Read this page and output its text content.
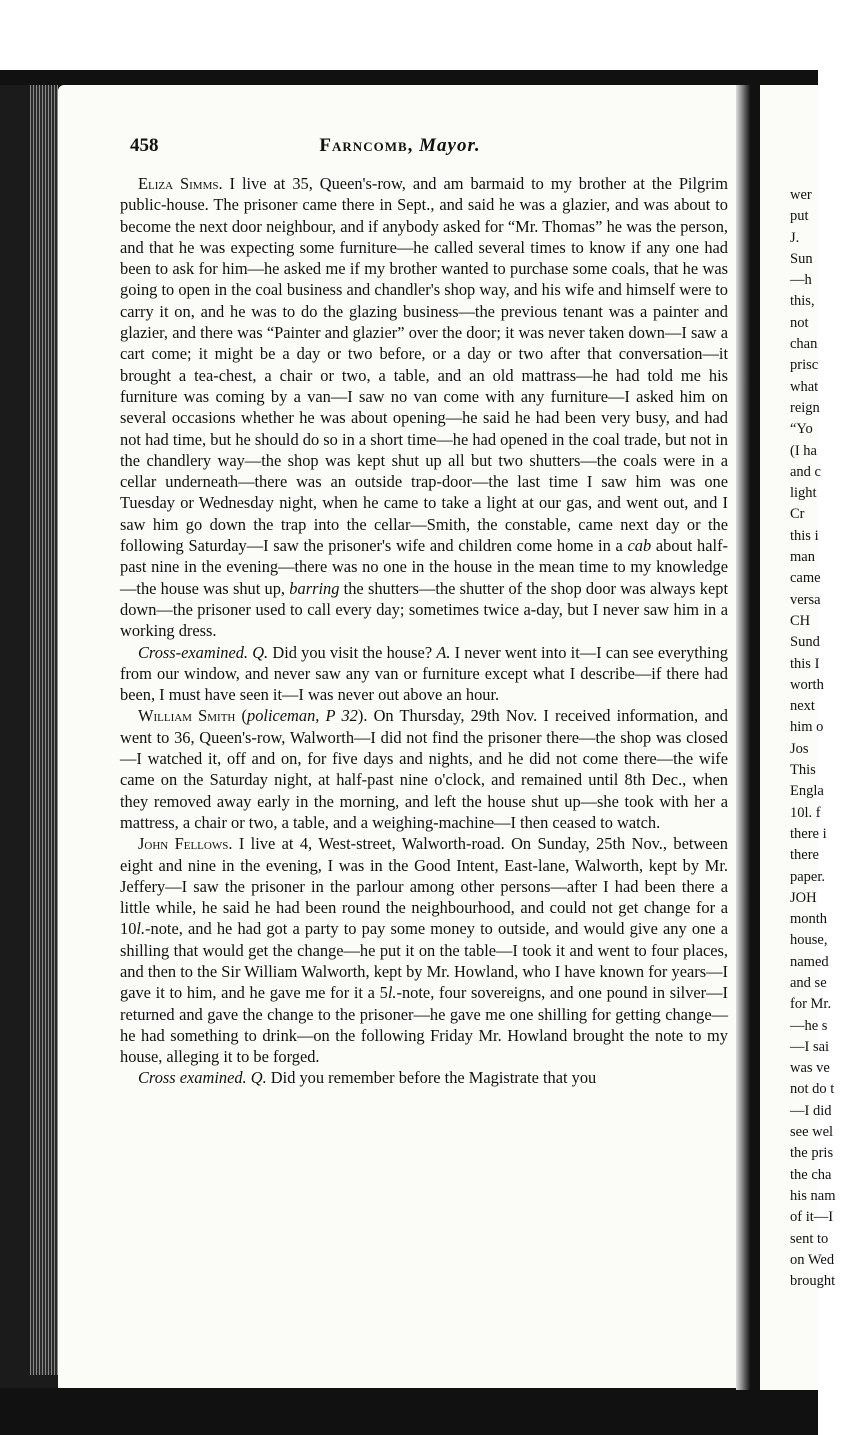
458	Farncomb, Mayor.

Eliza Simms. I live at 35, Queen's-row, and am barmaid to my brother at the Pilgrim public-house. The prisoner came there in Sept., and said he was a glazier, and was about to become the next door neighbour, and if anybody asked for “Mr. Thomas” he was the person, and that he was expecting some furniture—he called several times to know if any one had been to ask for him—he asked me if my brother wanted to purchase some coals, that he was going to open in the coal business and chandler's shop way, and his wife and himself were to carry it on, and he was to do the glazing business—the previous tenant was a painter and glazier, and there was “Painter and glazier” over the door; it was never taken down—I saw a cart come; it might be a day or two before, or a day or two after that conversation—it brought a tea-chest, a chair or two, a table, and an old mattrass—he had told me his furniture was coming by a van—I saw no van come with any furniture—I asked him on several occasions whether he was about opening—he said he had been very busy, and had not had time, but he should do so in a short time—he had opened in the coal trade, but not in the chandlery way—the shop was kept shut up all but two shutters—the coals were in a cellar underneath—there was an outside trap-door—the last time I saw him was one Tuesday or Wednesday night, when he came to take a light at our gas, and went out, and I saw him go down the trap into the cellar—Smith, the constable, came next day or the following Saturday—I saw the prisoner's wife and children come home in a cab about half-past nine in the evening—there was no one in the house in the mean time to my knowledge—the house was shut up, barring the shutters—the shutter of the shop door was always kept down—the prisoner used to call every day; sometimes twice a-day, but I never saw him in a working dress.

Cross-examined. Q. Did you visit the house? A. I never went into it—I can see everything from our window, and never saw any van or furniture except what I describe—if there had been, I must have seen it—I was never out above an hour.

William Smith (policeman, P 32). On Thursday, 29th Nov. I received information, and went to 36, Queen's-row, Walworth—I did not find the prisoner there—the shop was closed—I watched it, off and on, for five days and nights, and he did not come there—the wife came on the Saturday night, at half-past nine o'clock, and remained until 8th Dec., when they removed away early in the morning, and left the house shut up—she took with her a mattress, a chair or two, a table, and a weighing-machine—I then ceased to watch.

John Fellows. I live at 4, West-street, Walworth-road. On Sunday, 25th Nov., between eight and nine in the evening, I was in the Good Intent, East-lane, Walworth, kept by Mr. Jeffery—I saw the prisoner in the parlour among other persons—after I had been there a little while, he said he had been round the neighbourhood, and could not get change for a 10l.-note, and he had got a party to pay some money to outside, and would give any one a shilling that would get the change—he put it on the table—I took it and went to four places, and then to the Sir William Walworth, kept by Mr. Howland, who I have known for years—I gave it to him, and he gave me for it a 5l.-note, four sovereigns, and one pound in silver—I returned and gave the change to the prisoner—he gave me one shilling for getting change—he had something to drink—on the following Friday Mr. Howland brought the note to my house, alleging it to be forged.

Cross examined. Q. Did you remember before the Magistrate that you

wer
put
J.
Sun
—h
this,
not
chan
prisc
what
reign
“Yo
(I ha
and c
light
Cr
this i
man
came
versa
CH
Sund
this I
worth
next
him o
Jos
This
Engla
10l. f
there i
there
paper.
JOH
month
house,
named
and se
for Mr.
—he s
—I sai
was ve
not do t
—I did
see wel
the pris
the cha
his nam
of it—I
sent to
on Wed
brought
